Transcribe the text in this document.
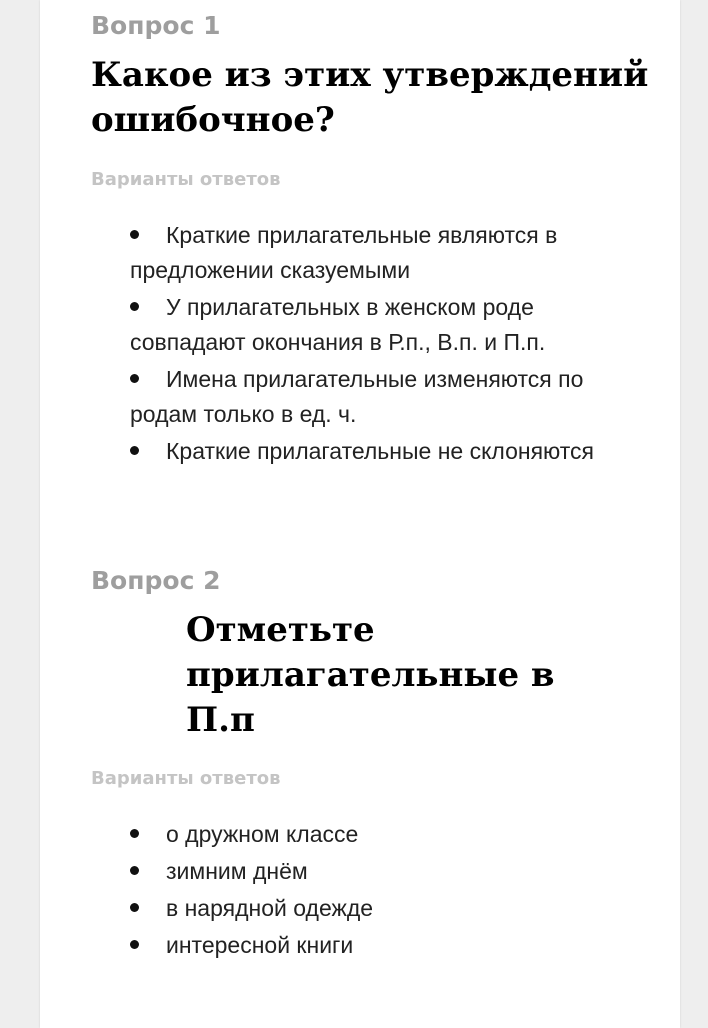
Вопрос 1
Какое из этих утверждений ошибочное?
Варианты ответов
Краткие прилагательные являются в предложении сказуемыми
У прилагательных в женском роде совпадают окончания в Р.п., В.п. и П.п.
Имена прилагательные изменяются по родам только в ед. ч.
Краткие прилагательные не склоняются
Вопрос 2
Отметьте прилагательные в П.п
Варианты ответов
о дружном классе
зимним днём
в нарядной одежде
интересной книги
